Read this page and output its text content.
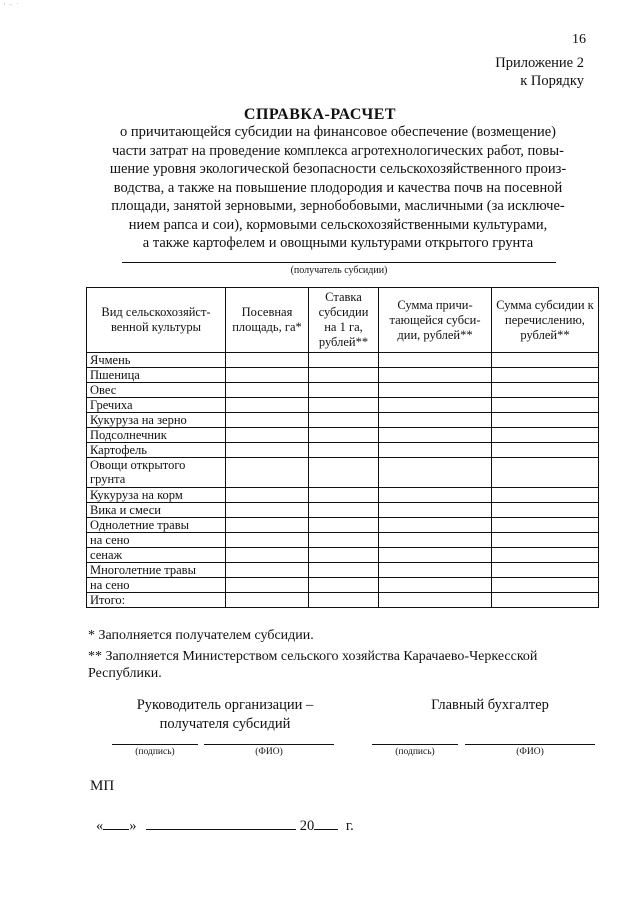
' ⁻ ˙
16
Приложение 2
к Порядку
СПРАВКА-РАСЧЕТ
о причитающейся субсидии на финансовое обеспечение (возмещение)
части затрат на проведение комплекса агротехнологических работ, повы-
шение уровня экологической безопасности сельскохозяйственного произ-
водства, а также на повышение плодородия и качества почв на посевной
площади, занятой зерновыми, зернобобовыми, масличными (за исключе-
нием рапса и сои), кормовыми сельскохозяйственными культурами,
а также картофелем и овощными культурами открытого грунта
(получатель субсидии)
Вид сельскохозяйст-венной культуры	Посевная площадь, га*	Ставка субсидии на 1 га, рублей**	Сумма причи-тающейся субси-дии, рублей**	Сумма субсидии к перечислению, рублей**
Ячмень				
Пшеница				
Овес				
Гречиха				
Кукуруза на зерно				
Подсолнечник				
Картофель				
Овощи открытого грунта				
Кукуруза на корм				
Вика и смеси				
Однолетние травы				
на сено				
сенаж				
Многолетние травы				
на сено				
Итого:				
* Заполняется получателем субсидии.
** Заполняется Министерством сельского хозяйства Карачаево-Черкесской Республики.
Руководитель организации –
получателя субсидий
Главный бухгалтер
(подпись)	(ФИО)	(подпись)	(ФИО)
МП
« »	20 г.
